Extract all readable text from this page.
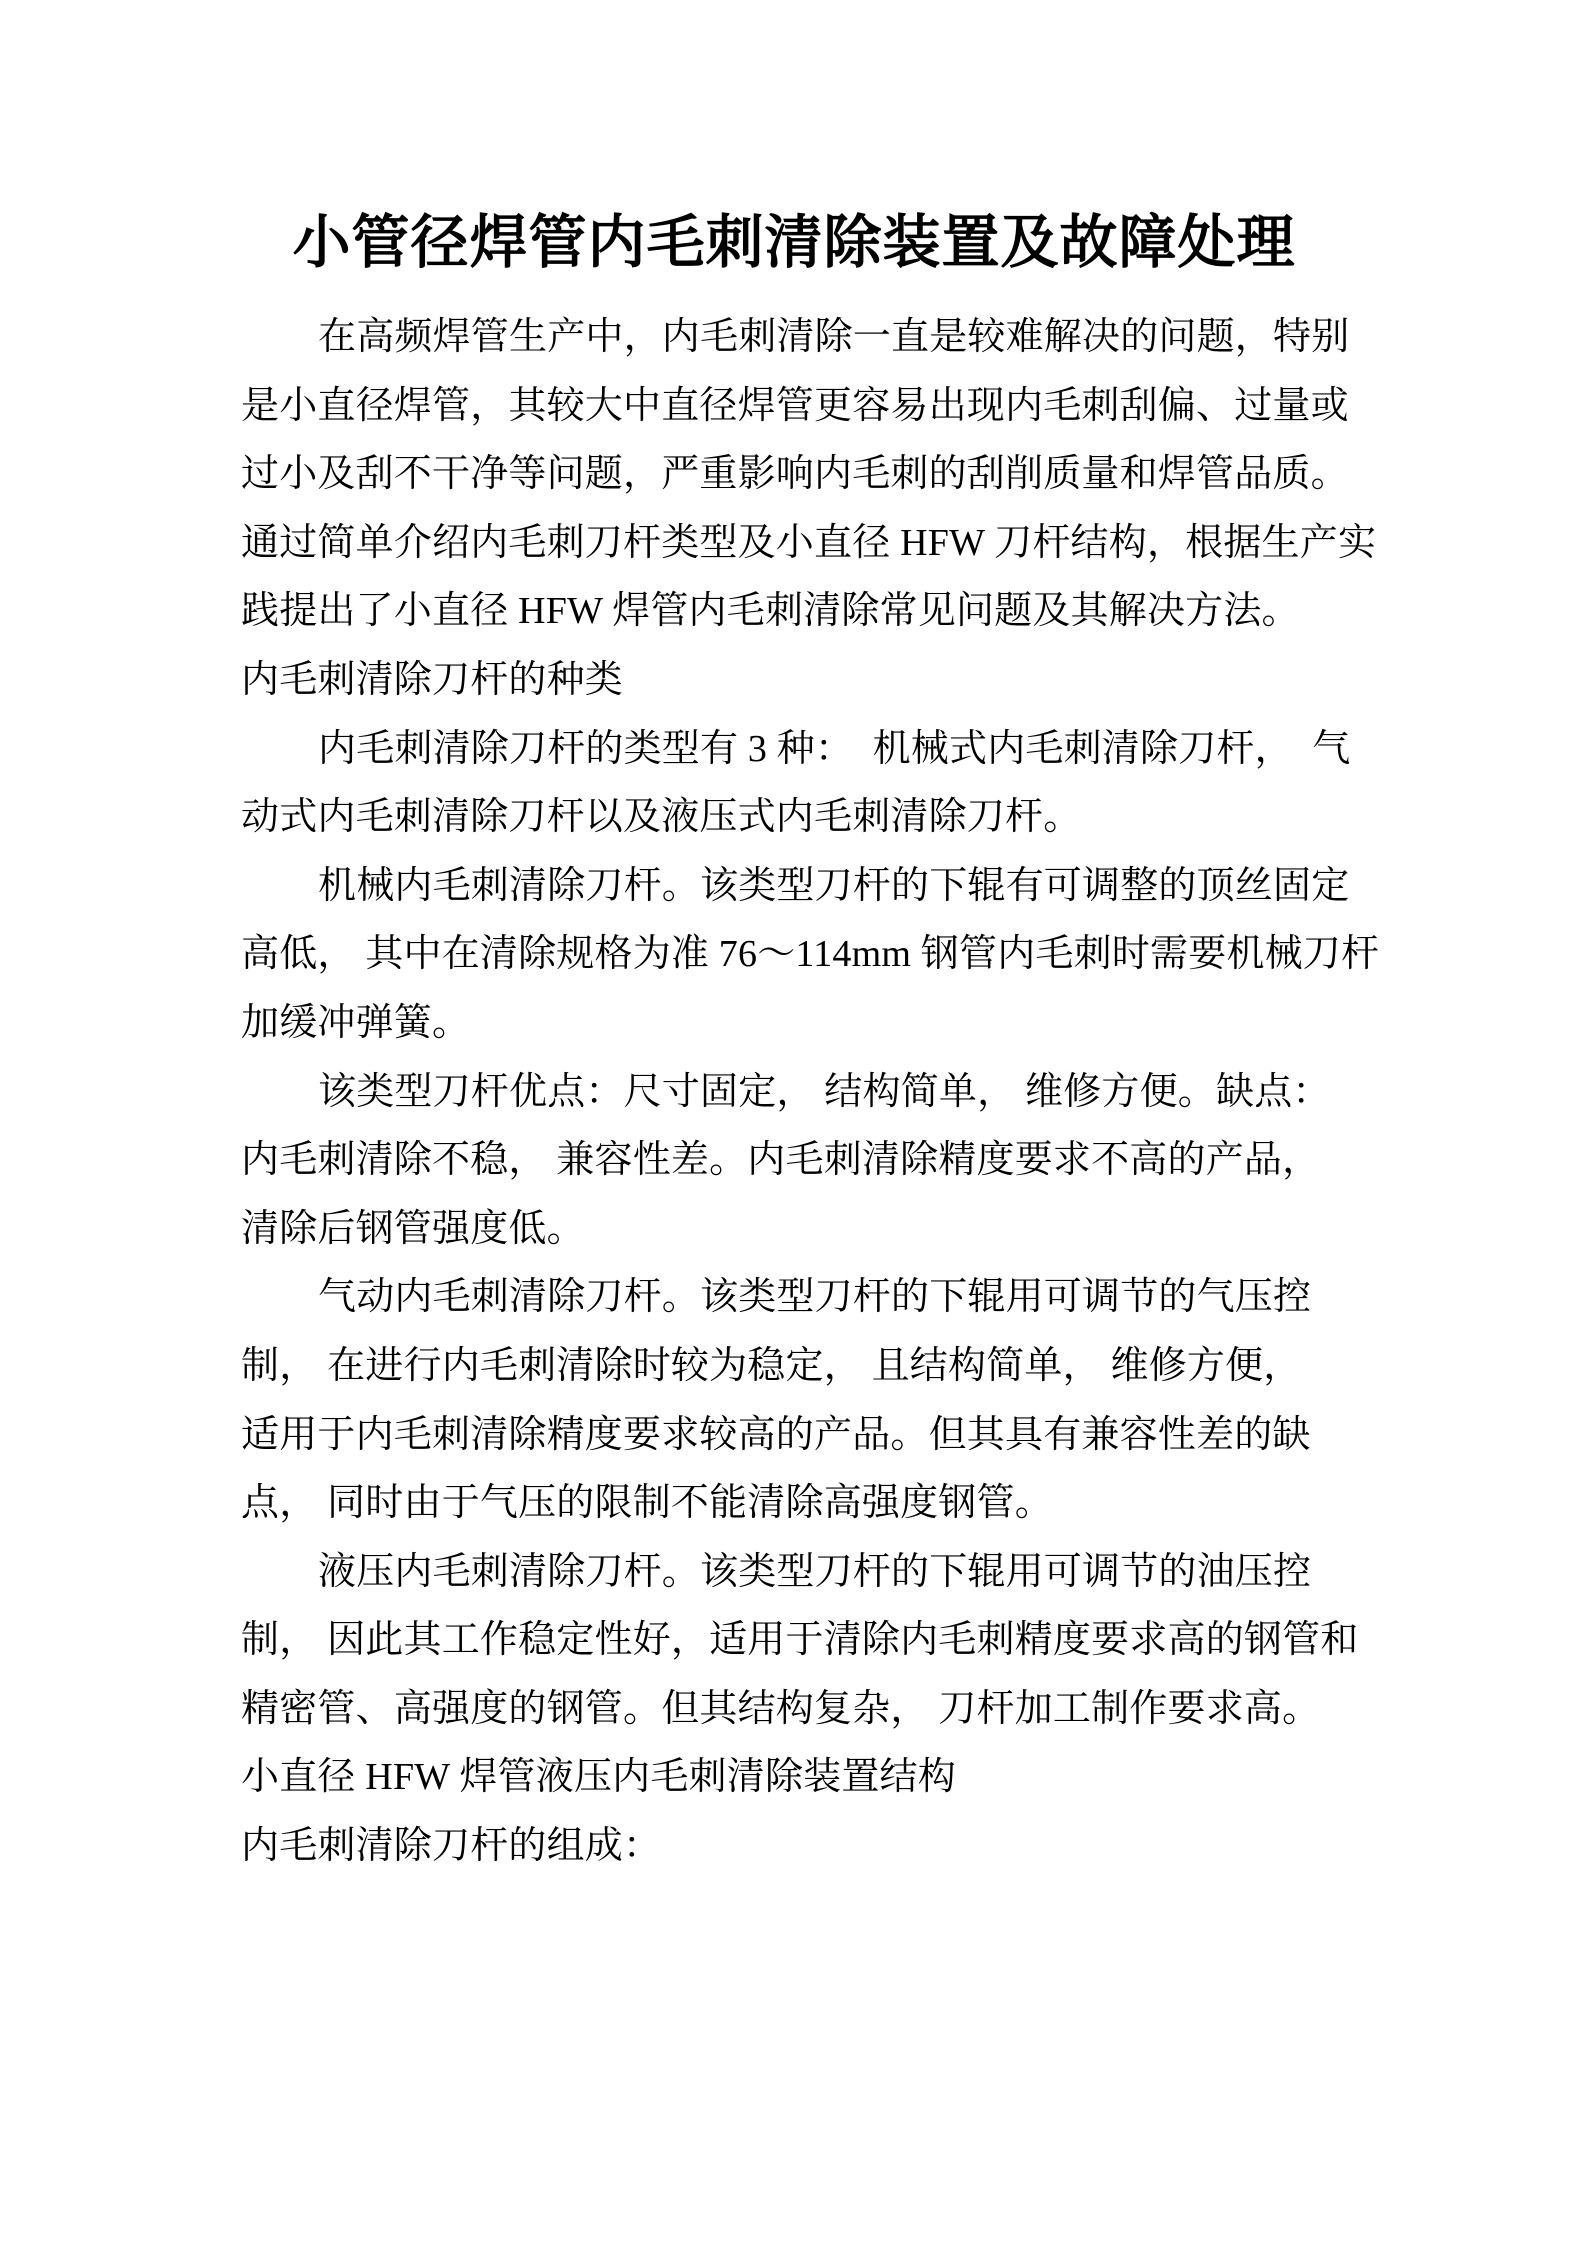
小管径焊管内毛刺清除装置及故障处理
在高频焊管生产中，内毛刺清除一直是较难解决的问题，特别
是小直径焊管，其较大中直径焊管更容易出现内毛刺刮偏、过量或
过小及刮不干净等问题，严重影响内毛刺的刮削质量和焊管品质。
通过简单介绍内毛刺刀杆类型及小直径 HFW 刀杆结构，根据生产实
践提出了小直径 HFW 焊管内毛刺清除常见问题及其解决方法。
内毛刺清除刀杆的种类
内毛刺清除刀杆的类型有 3 种：  机械式内毛刺清除刀杆，  气
动式内毛刺清除刀杆以及液压式内毛刺清除刀杆。
机械内毛刺清除刀杆。该类型刀杆的下辊有可调整的顶丝固定
高低， 其中在清除规格为准 76～114mm 钢管内毛刺时需要机械刀杆
加缓冲弹簧。
该类型刀杆优点：尺寸固定， 结构简单， 维修方便。缺点：
内毛刺清除不稳， 兼容性差。内毛刺清除精度要求不高的产品，
清除后钢管强度低。
气动内毛刺清除刀杆。该类型刀杆的下辊用可调节的气压控
制， 在进行内毛刺清除时较为稳定， 且结构简单， 维修方便，
适用于内毛刺清除精度要求较高的产品。但其具有兼容性差的缺
点， 同时由于气压的限制不能清除高强度钢管。
液压内毛刺清除刀杆。该类型刀杆的下辊用可调节的油压控
制， 因此其工作稳定性好，适用于清除内毛刺精度要求高的钢管和
精密管、高强度的钢管。但其结构复杂， 刀杆加工制作要求高。
小直径 HFW 焊管液压内毛刺清除装置结构
内毛刺清除刀杆的组成：
